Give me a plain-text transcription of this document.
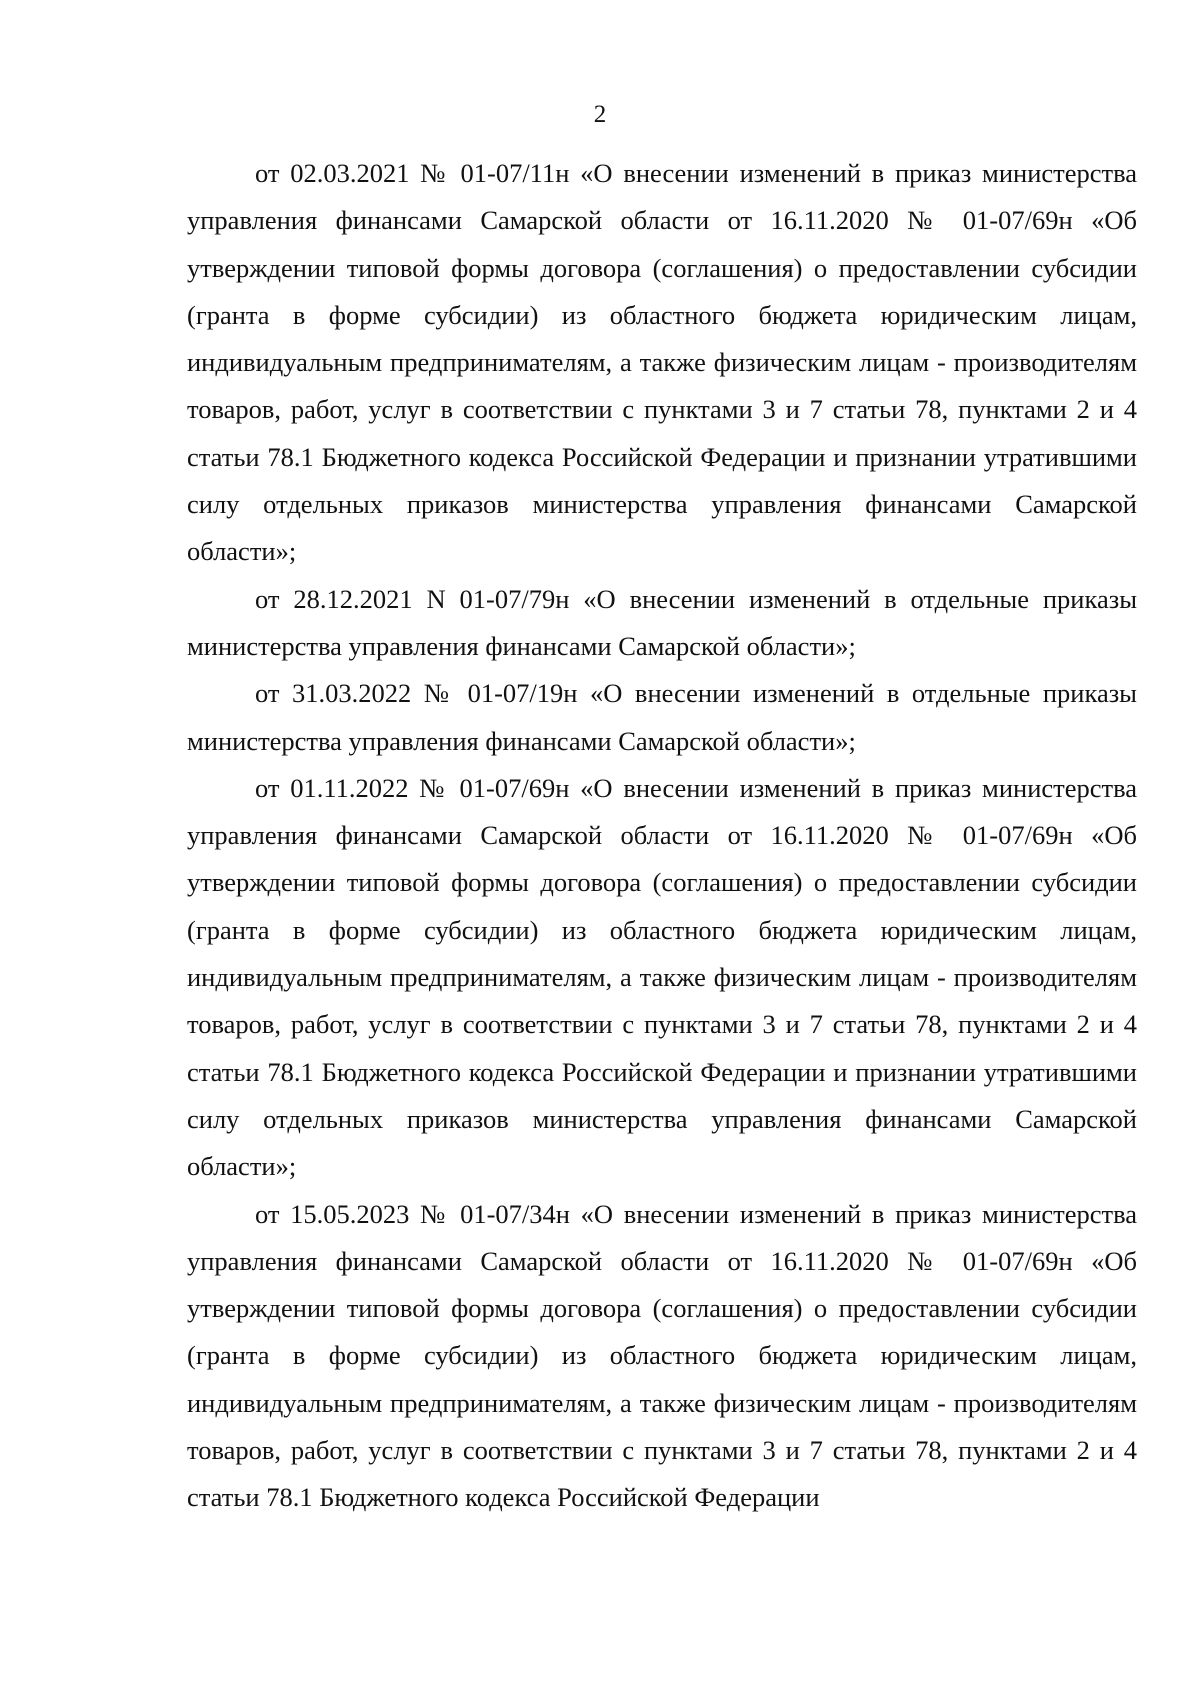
2

от 02.03.2021 № 01-07/11н «О внесении изменений в приказ министерства управления финансами Самарской области от 16.11.2020 № 01-07/69н «Об утверждении типовой формы договора (соглашения) о предоставлении субсидии (гранта в форме субсидии) из областного бюджета юридическим лицам, индивидуальным предпринимателям, а также физическим лицам - производителям товаров, работ, услуг в соответствии с пунктами 3 и 7 статьи 78, пунктами 2 и 4 статьи 78.1 Бюджетного кодекса Российской Федерации и признании утратившими силу отдельных приказов министерства управления финансами Самарской области»;

от 28.12.2021 N 01-07/79н «О внесении изменений в отдельные приказы министерства управления финансами Самарской области»;

от 31.03.2022 № 01-07/19н «О внесении изменений в отдельные приказы министерства управления финансами Самарской области»;

от 01.11.2022 № 01-07/69н «О внесении изменений в приказ министерства управления финансами Самарской области от 16.11.2020 № 01-07/69н «Об утверждении типовой формы договора (соглашения) о предоставлении субсидии (гранта в форме субсидии) из областного бюджета юридическим лицам, индивидуальным предпринимателям, а также физическим лицам - производителям товаров, работ, услуг в соответствии с пунктами 3 и 7 статьи 78, пунктами 2 и 4 статьи 78.1 Бюджетного кодекса Российской Федерации и признании утратившими силу отдельных приказов министерства управления финансами Самарской области»;

от 15.05.2023 № 01-07/34н «О внесении изменений в приказ министерства управления финансами Самарской области от 16.11.2020 № 01-07/69н «Об утверждении типовой формы договора (соглашения) о предоставлении субсидии (гранта в форме субсидии) из областного бюджета юридическим лицам, индивидуальным предпринимателям, а также физическим лицам - производителям товаров, работ, услуг в соответствии с пунктами 3 и 7 статьи 78, пунктами 2 и 4 статьи 78.1 Бюджетного кодекса Российской Федерации
